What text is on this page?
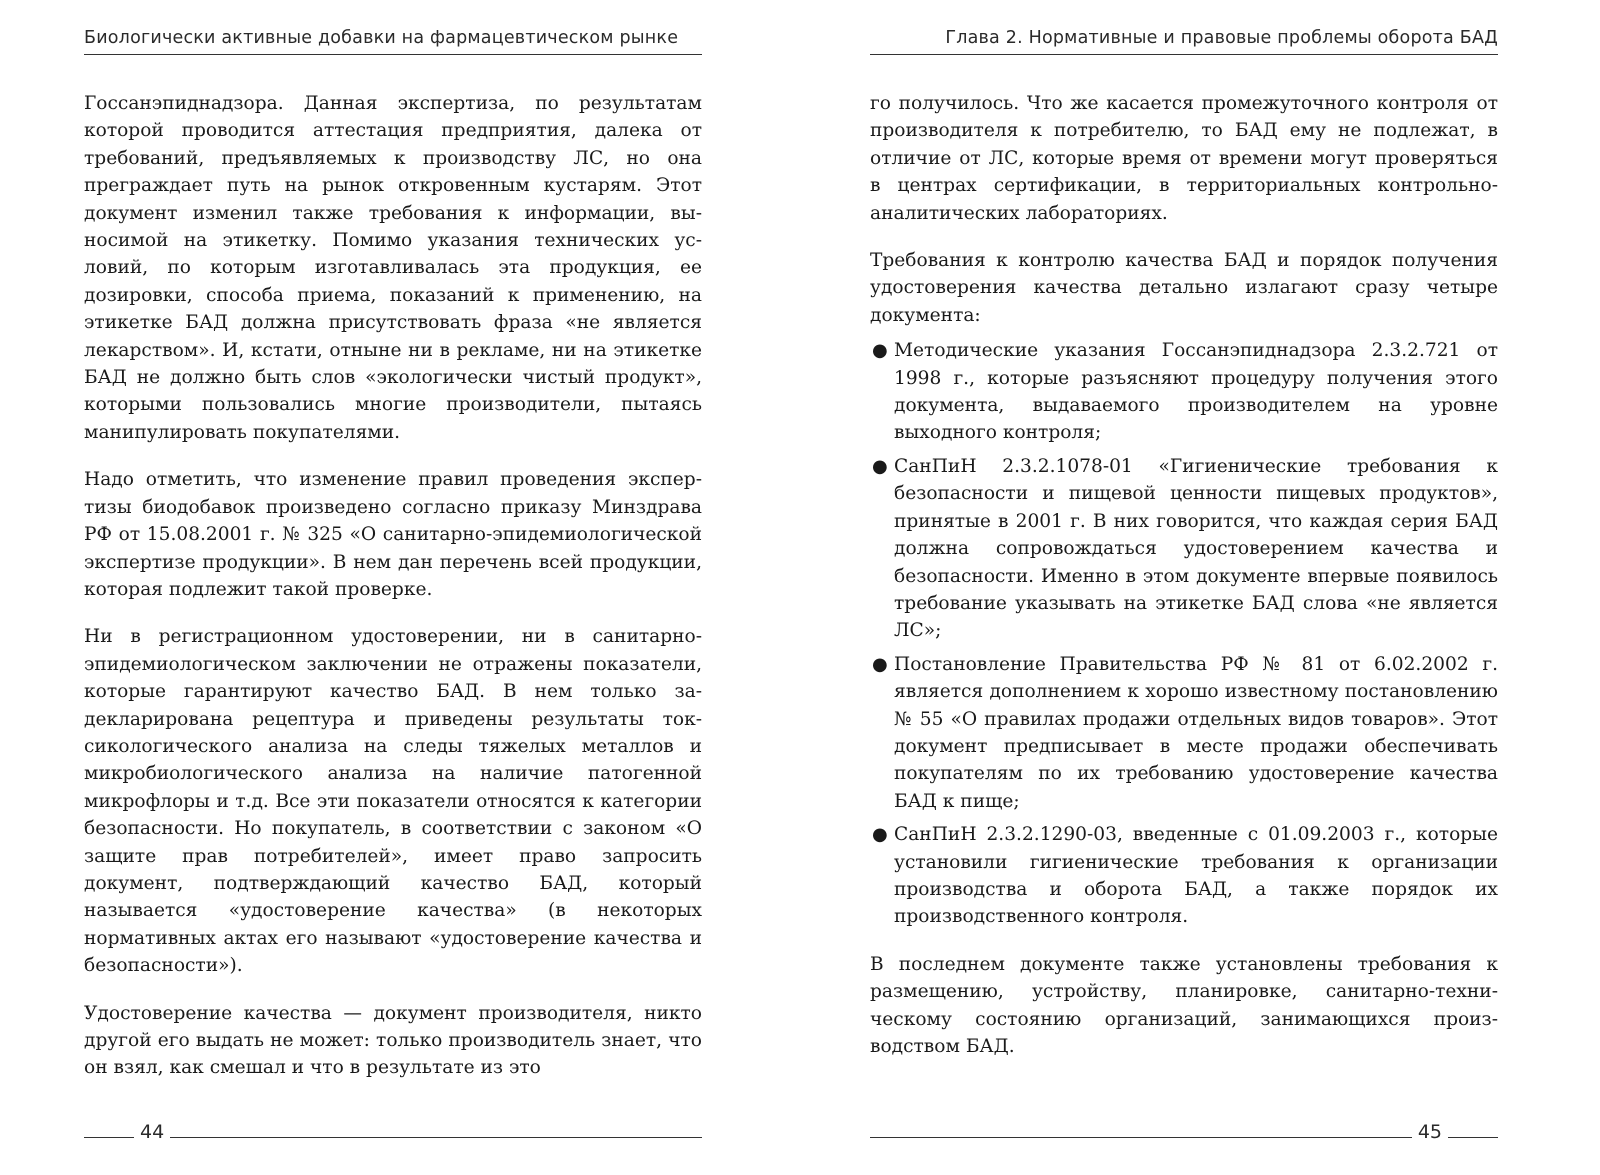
Биологически активные добавки на фармацевтическом рынке

Госсанэпиднадзора. Данная экспертиза, по результатам которой проводится аттестация предприятия, далека от требований, предъявляемых к производству ЛС, но она преграждает путь на рынок откровенным кустарям. Этот документ изменил также требования к информации, выносимой на этикетку. Помимо указания технических условий, по которым изготавливалась эта продукция, ее дозировки, способа приема, показаний к применению, на этикетке БАД должна присутствовать фраза «не является лекарством». И, кстати, отныне ни в рекламе, ни на этикетке БАД не должно быть слов «экологически чистый продукт», которыми пользовались многие производители, пытаясь манипулировать покупателями.

Надо отметить, что изменение правил проведения экспертизы биодобавок произведено согласно приказу Минздрава РФ от 15.08.2001 г. № 325 «О санитарно-эпидемиологической экспертизе продукции». В нем дан перечень всей продукции, которая подлежит такой проверке.

Ни в регистрационном удостоверении, ни в санитарно-эпидемиологическом заключении не отражены показатели, которые гарантируют качество БАД. В нем только задекларирована рецептура и приведены результаты токсикологического анализа на следы тяжелых металлов и микробиологического анализа на наличие патогенной микрофлоры и т.д. Все эти показатели относятся к категории безопасности. Но покупатель, в соответствии с законом «О защите прав потребителей», имеет право запросить документ, подтверждающий качество БАД, который называется «удостоверение качества» (в некоторых нормативных актах его называют «удостоверение качества и безопасности»).

Удостоверение качества — документ производителя, никто другой его выдать не может: только производитель знает, что он взял, как смешал и что в результате из это

44
Глава 2. Нормативные и правовые проблемы оборота БАД

го получилось. Что же касается промежуточного контроля от производителя к потребителю, то БАД ему не подлежат, в отличие от ЛС, которые время от времени могут проверяться в центрах сертификации, в территориальных контрольно-аналитических лабораториях.

Требования к контролю качества БАД и порядок получения удостоверения качества детально излагают сразу четыре документа:

● Методические указания Госсанэпиднадзора 2.3.2.721 от 1998 г., которые разъясняют процедуру получения этого документа, выдаваемого производителем на уровне выходного контроля;
● СанПиН 2.3.2.1078-01 «Гигиенические требования к безопасности и пищевой ценности пищевых продуктов», принятые в 2001 г. В них говорится, что каждая серия БАД должна сопровождаться удостоверением качества и безопасности. Именно в этом документе впервые появилось требование указывать на этикетке БАД слова «не является ЛС»;
● Постановление Правительства РФ № 81 от 6.02.2002 г. является дополнением к хорошо известному постановлению № 55 «О правилах продажи отдельных видов товаров». Этот документ предписывает в месте продажи обеспечивать покупателям по их требованию удостоверение качества БАД к пище;
● СанПиН 2.3.2.1290-03, введенные с 01.09.2003 г., которые установили гигиенические требования к организации производства и оборота БАД, а также порядок их производственного контроля.

В последнем документе также установлены требования к размещению, устройству, планировке, санитарно-техническому состоянию организаций, занимающихся производством БАД.

45
